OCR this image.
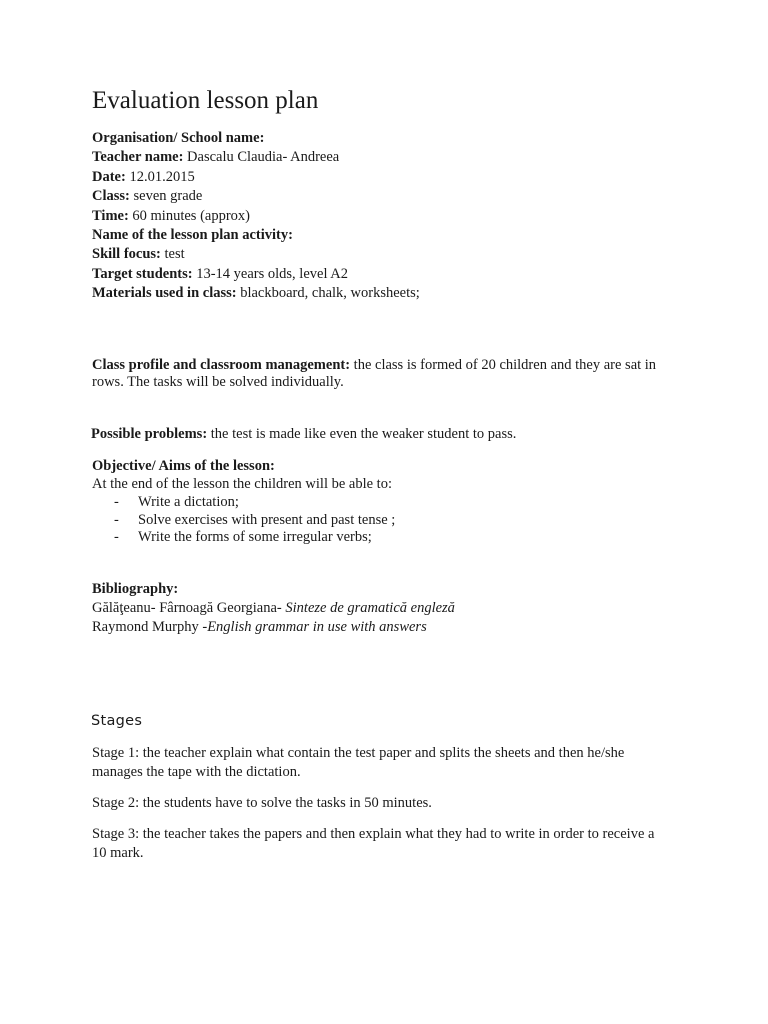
Evaluation lesson plan
Organisation/ School name:
Teacher name: Dascalu Claudia- Andreea
Date: 12.01.2015
Class: seven grade
Time: 60 minutes (approx)
Name of the lesson plan activity:
Skill focus: test
Target students: 13-14 years olds, level A2
Materials used in class: blackboard, chalk, worksheets;
Class profile and classroom management: the class is formed of 20 children and they are sat in rows. The tasks will be solved individually.
Possible problems: the test is made like even the weaker student to pass.
Objective/ Aims of the lesson:
At the end of the lesson the children will be able to:
- Write a dictation;
- Solve exercises with present and past tense ;
- Write the forms of some irregular verbs;
Bibliography:
Gălăţeanu- Fârnoagă Georgiana- Sinteze de gramatică engleză
Raymond Murphy -English grammar in use with answers
Stages
Stage 1: the teacher explain what contain the test paper and splits the sheets and then he/she manages the tape with the dictation.
Stage 2: the students have to solve the tasks in 50 minutes.
Stage 3: the teacher takes the papers and then explain what they had to write in order to receive a 10 mark.
